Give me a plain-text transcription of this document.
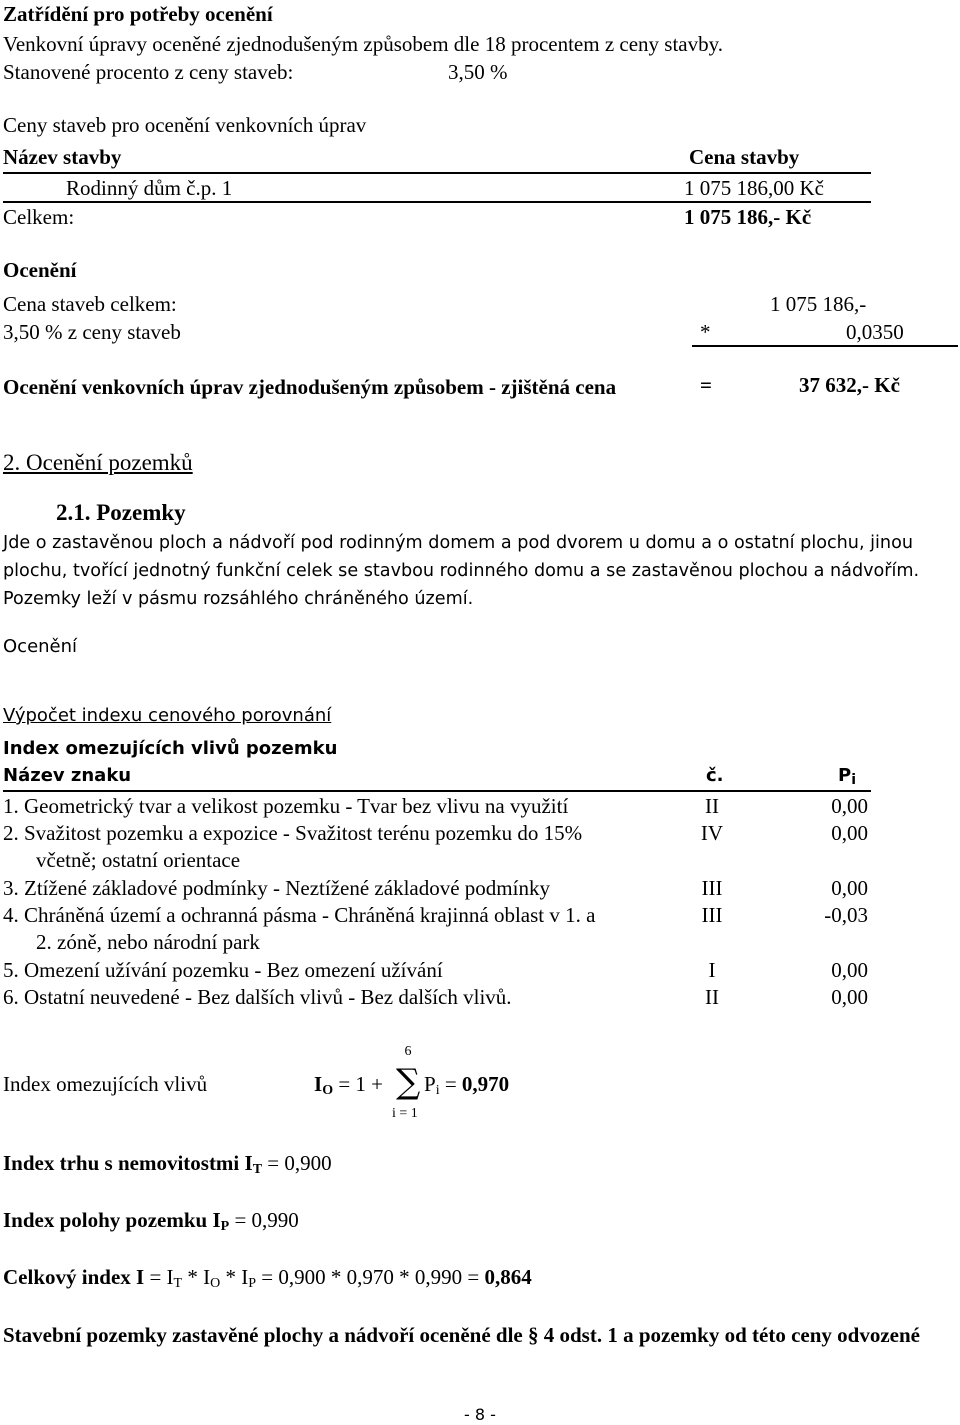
Zatřídění pro potřeby ocenění
Venkovní úpravy oceněné zjednodušeným způsobem dle 18 procentem z ceny stavby.
Stanovené procento z ceny staveb:	3,50 %
Ceny staveb pro ocenění venkovních úprav
Název stavby	Cena stavby
Rodinný dům č.p. 1	1 075 186,00 Kč
Celkem:	1 075 186,- Kč
Ocenění
Cena staveb celkem:	1 075 186,-
3,50 % z ceny staveb	*	0,0350
Ocenění venkovních úprav zjednodušeným způsobem - zjištěná cena	=	37 632,- Kč
2. Ocenění pozemků
2.1. Pozemky
Jde o zastavěnou ploch a nádvoří pod rodinným domem a pod dvorem u domu a o ostatní plochu, jinou plochu, tvořící jednotný funkční celek se stavbou rodinného domu a se zastavěnou plochou a nádvořím. Pozemky leží v pásmu rozsáhlého chráněného území.
Ocenění
Výpočet indexu cenového porovnání
Index omezujících vlivů pozemku
Název znaku	č.	$P_i$
1. Geometrický tvar a velikost pozemku - Tvar bez vlivu na využití	II	0,00
2. Svažitost pozemku a expozice - Svažitost terénu pozemku do 15%
včetně; ostatní orientace
IV	0,00
3. Ztížené základové podmínky - Neztížené základové podmínky	III	0,00
4. Chráněná území a ochranná pásma - Chráněná krajinná oblast v 1. a
2. zóně, nebo národní park
III	-0,03
5. Omezení užívání pozemku - Bez omezení užívání	I	0,00
6. Ostatní neuvedené - Bez dalších vlivů - Bez dalších vlivů.	II	0,00
Index omezujících vlivů	$I_O = 1$ +
6
∑
i = 1
$P_i = 0,970$
Index trhu s nemovitostmi $I_T = 0,900$
Index polohy pozemku $I_P = 0,990$
Celkový index $I = I_T * I_O * I_P = 0,900 * 0,970 * 0,990 = 0,864$
Stavební pozemky zastavěné plochy a nádvoří oceněné dle § 4 odst. 1 a pozemky od této ceny odvozené
- 8 -
